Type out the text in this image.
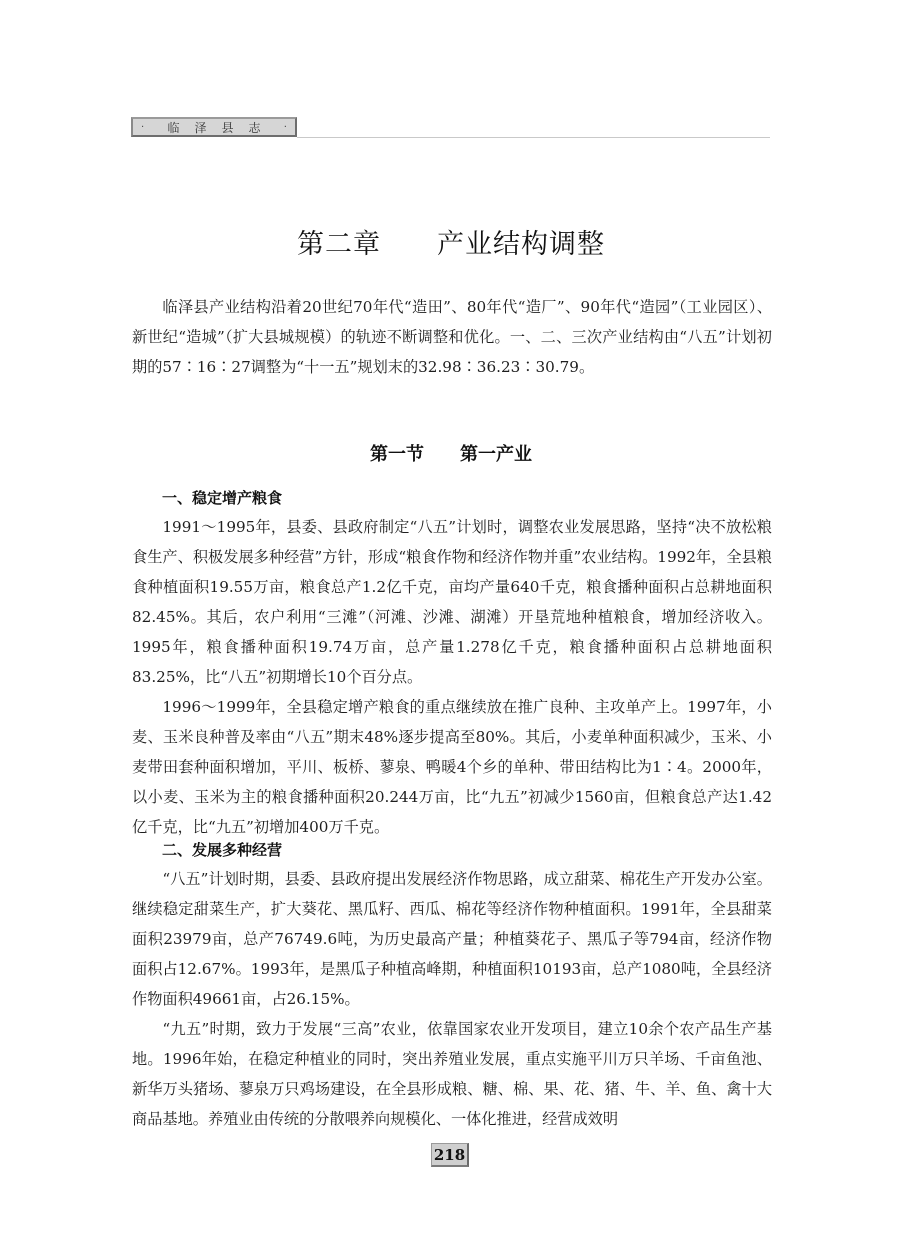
· 临泽县志 ·
第二章　　产业结构调整

临泽县产业结构沿着20世纪70年代“造田”、80年代“造厂”、90年代“造园”（工业园区）、新世纪“造城”（扩大县城规模）的轨迹不断调整和优化。一、二、三次产业结构由“八五”计划初期的57∶16∶27调整为“十一五”规划末的32.98∶36.23∶30.79。

第一节　　第一产业
一、稳定增产粮食

1991～1995年，县委、县政府制定“八五”计划时，调整农业发展思路，坚持“决不放松粮食生产、积极发展多种经营”方针，形成“粮食作物和经济作物并重”农业结构。1992年，全县粮食种植面积19.55万亩，粮食总产1.2亿千克，亩均产量640千克，粮食播种面积占总耕地面积82.45%。其后，农户利用“三滩”（河滩、沙滩、湖滩）开垦荒地种植粮食，增加经济收入。1995年，粮食播种面积19.74万亩，总产量1.278亿千克，粮食播种面积占总耕地面积83.25%，比“八五”初期增长10个百分点。

1996～1999年，全县稳定增产粮食的重点继续放在推广良种、主攻单产上。1997年，小麦、玉米良种普及率由“八五”期末48%逐步提高至80%。其后，小麦单种面积减少，玉米、小麦带田套种面积增加，平川、板桥、蓼泉、鸭暖4个乡的单种、带田结构比为1∶4。2000年，以小麦、玉米为主的粮食播种面积20.244万亩，比“九五”初减少1560亩，但粮食总产达1.42亿千克，比“九五”初增加400万千克。

二、发展多种经营

“八五”计划时期，县委、县政府提出发展经济作物思路，成立甜菜、棉花生产开发办公室。继续稳定甜菜生产，扩大葵花、黑瓜籽、西瓜、棉花等经济作物种植面积。1991年，全县甜菜面积23979亩，总产76749.6吨，为历史最高产量；种植葵花子、黑瓜子等794亩，经济作物面积占12.67%。1993年，是黑瓜子种植高峰期，种植面积10193亩，总产1080吨，全县经济作物面积49661亩，占26.15%。

“九五”时期，致力于发展“三高”农业，依靠国家农业开发项目，建立10余个农产品生产基地。1996年始，在稳定种植业的同时，突出养殖业发展，重点实施平川万只羊场、千亩鱼池、新华万头猪场、蓼泉万只鸡场建设，在全县形成粮、糖、棉、果、花、猪、牛、羊、鱼、禽十大商品基地。养殖业由传统的分散喂养向规模化、一体化推进，经营成效明

218
